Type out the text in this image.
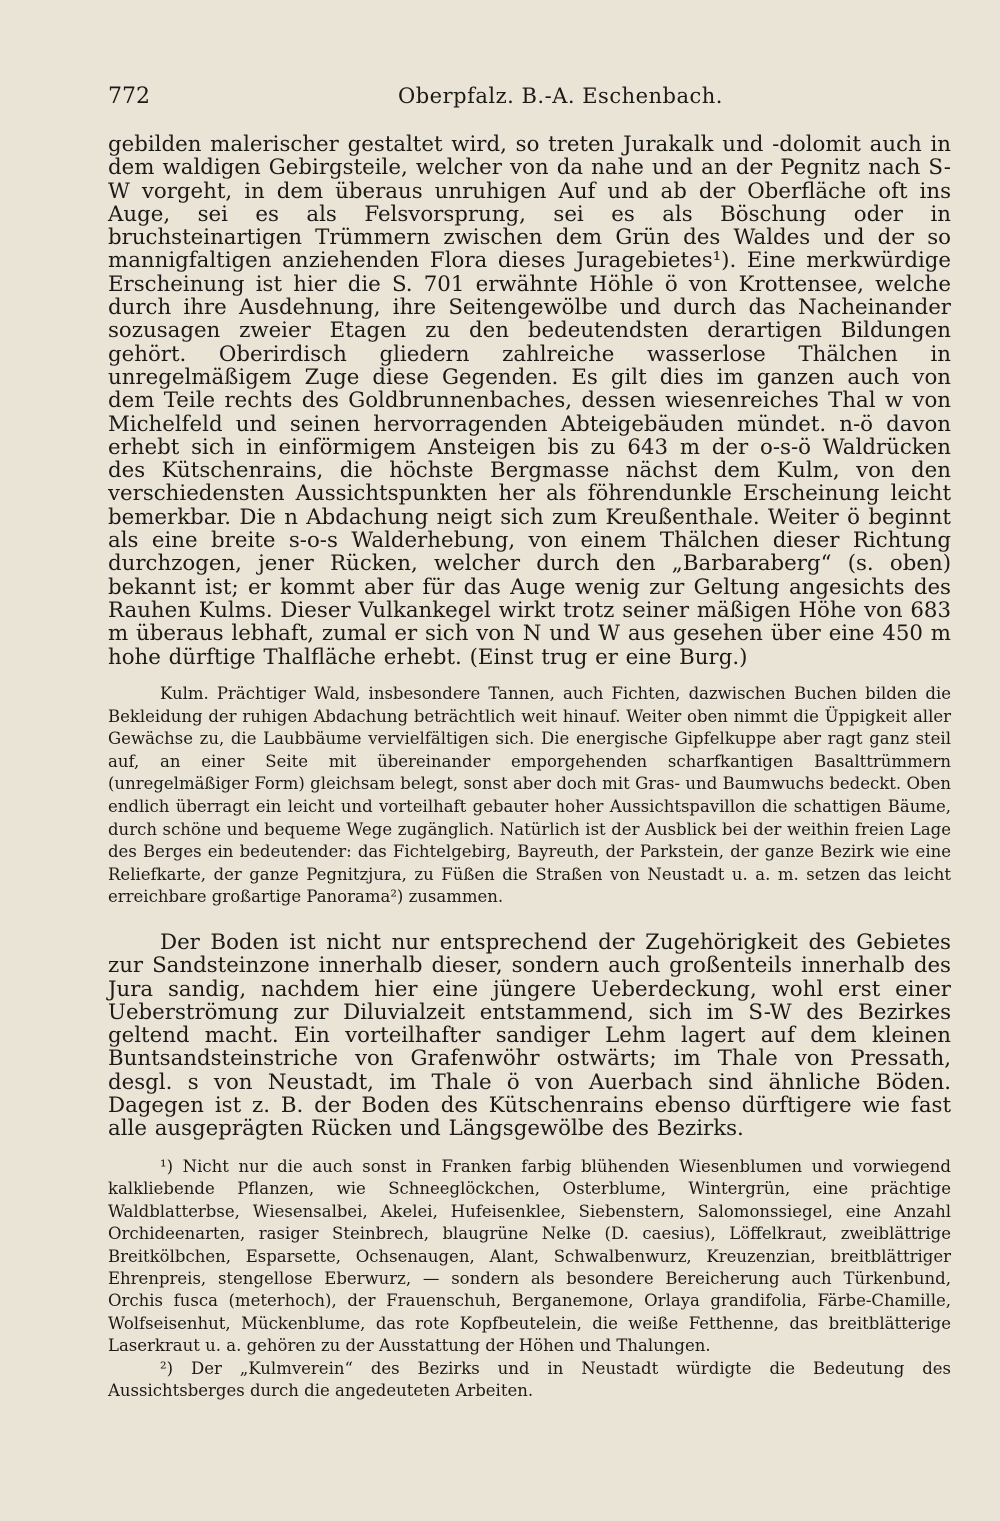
772	Oberpfalz. B.-A. Eschenbach.

gebilden malerischer gestaltet wird, so treten Jurakalk und -dolomit auch in dem waldigen Gebirgsteile, welcher von da nahe und an der Pegnitz nach S-W vorgeht, in dem überaus unruhigen Auf und ab der Oberfläche oft ins Auge, sei es als Felsvorsprung, sei es als Böschung oder in bruchsteinartigen Trümmern zwischen dem Grün des Waldes und der so mannigfaltigen anziehenden Flora dieses Juragebietes¹). Eine merkwürdige Erscheinung ist hier die S. 701 erwähnte Höhle ö von Krottensee, welche durch ihre Ausdehnung, ihre Seitengewölbe und durch das Nacheinander sozusagen zweier Etagen zu den bedeutendsten derartigen Bildungen gehört. Oberirdisch gliedern zahlreiche wasserlose Thälchen in unregelmäßigem Zuge diese Gegenden. Es gilt dies im ganzen auch von dem Teile rechts des Goldbrunnenbaches, dessen wiesenreiches Thal w von Michelfeld und seinen hervorragenden Abteigebäuden mündet. n-ö davon erhebt sich in einförmigem Ansteigen bis zu 643 m der o-s-ö Waldrücken des Kütschenrains, die höchste Bergmasse nächst dem Kulm, von den verschiedensten Aussichtspunkten her als föhrendunkle Erscheinung leicht bemerkbar. Die n Abdachung neigt sich zum Kreußenthale. Weiter ö beginnt als eine breite s-o-s Walderhebung, von einem Thälchen dieser Richtung durchzogen, jener Rücken, welcher durch den „Barbaraberg“ (s. oben) bekannt ist; er kommt aber für das Auge wenig zur Geltung angesichts des Rauhen Kulms. Dieser Vulkankegel wirkt trotz seiner mäßigen Höhe von 683 m überaus lebhaft, zumal er sich von N und W aus gesehen über eine 450 m hohe dürftige Thalfläche erhebt. (Einst trug er eine Burg.)

Kulm. Prächtiger Wald, insbesondere Tannen, auch Fichten, dazwischen Buchen bilden die Bekleidung der ruhigen Abdachung beträchtlich weit hinauf. Weiter oben nimmt die Üppigkeit aller Gewächse zu, die Laubbäume vervielfältigen sich. Die energische Gipfelkuppe aber ragt ganz steil auf, an einer Seite mit übereinander emporgehenden scharfkantigen Basalttrümmern (unregelmäßiger Form) gleichsam belegt, sonst aber doch mit Gras- und Baumwuchs bedeckt. Oben endlich überragt ein leicht und vorteilhaft gebauter hoher Aussichtspavillon die schattigen Bäume, durch schöne und bequeme Wege zugänglich. Natürlich ist der Ausblick bei der weithin freien Lage des Berges ein bedeutender: das Fichtelgebirg, Bayreuth, der Parkstein, der ganze Bezirk wie eine Reliefkarte, der ganze Pegnitzjura, zu Füßen die Straßen von Neustadt u. a. m. setzen das leicht erreichbare großartige Panorama²) zusammen.

Der Boden ist nicht nur entsprechend der Zugehörigkeit des Gebietes zur Sandsteinzone innerhalb dieser, sondern auch großenteils innerhalb des Jura sandig, nachdem hier eine jüngere Ueberdeckung, wohl erst einer Ueberströmung zur Diluvialzeit entstammend, sich im S-W des Bezirkes geltend macht. Ein vorteilhafter sandiger Lehm lagert auf dem kleinen Buntsandsteinstriche von Grafenwöhr ostwärts; im Thale von Pressath, desgl. s von Neustadt, im Thale ö von Auerbach sind ähnliche Böden. Dagegen ist z. B. der Boden des Kütschenrains ebenso dürftigere wie fast alle ausgeprägten Rücken und Längsgewölbe des Bezirks.

¹) Nicht nur die auch sonst in Franken farbig blühenden Wiesenblumen und vorwiegend kalkliebende Pflanzen, wie Schneeglöckchen, Osterblume, Wintergrün, eine prächtige Waldblatterbse, Wiesensalbei, Akelei, Hufeisenklee, Siebenstern, Salomonssiegel, eine Anzahl Orchideenarten, rasiger Steinbrech, blaugrüne Nelke (D. caesius), Löffelkraut, zweiblättrige Breitkölbchen, Esparsette, Ochsenaugen, Alant, Schwalbenwurz, Kreuzenzian, breitblättriger Ehrenpreis, stengellose Eberwurz, — sondern als besondere Bereicherung auch Türkenbund, Orchis fusca (meterhoch), der Frauenschuh, Berganemone, Orlaya grandifolia, Färbe-Chamille, Wolfseisenhut, Mückenblume, das rote Kopfbeutelein, die weiße Fetthenne, das breitblätterige Laserkraut u. a. gehören zu der Ausstattung der Höhen und Thalungen.

²) Der „Kulmverein“ des Bezirks und in Neustadt würdigte die Bedeutung des Aussichtsberges durch die angedeuteten Arbeiten.
